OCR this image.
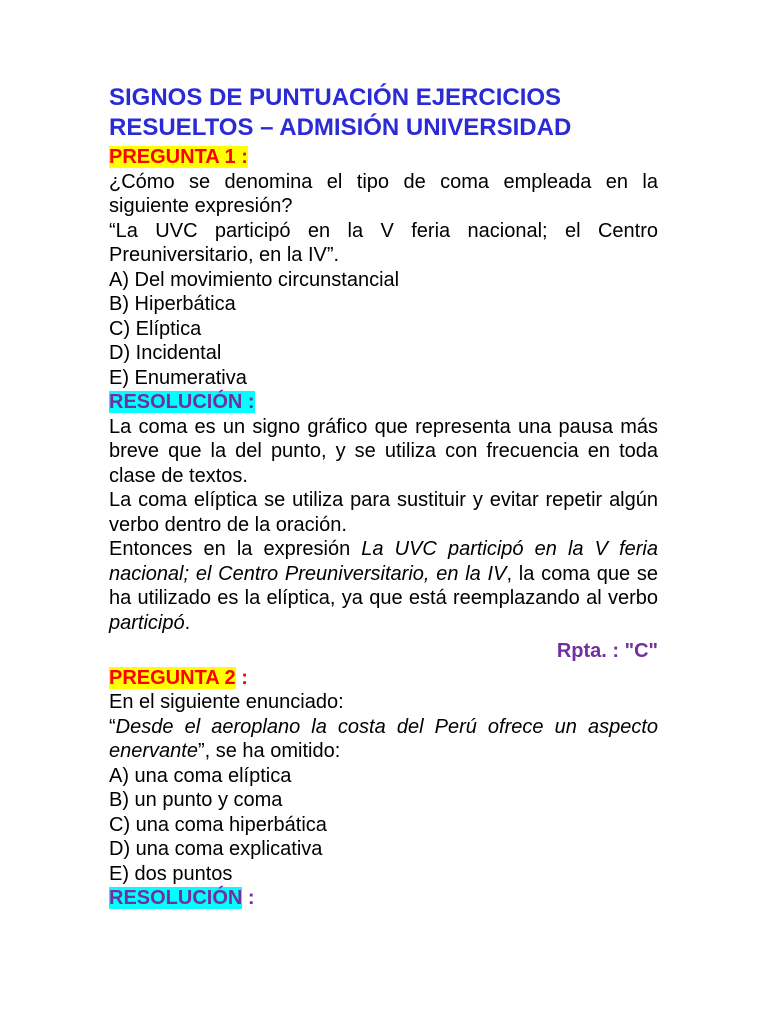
SIGNOS DE PUNTUACIÓN EJERCICIOS
RESUELTOS – ADMISIÓN UNIVERSIDAD

PREGUNTA 1 :

¿Cómo se denomina el tipo de coma empleada en la siguiente expresión?

“La UVC participó en la V feria nacional; el Centro Preuniversitario, en la IV”.

A) Del movimiento circunstancial

B) Hiperbática

C) Elíptica

D) Incidental

E) Enumerativa

RESOLUCIÓN :

La coma es un signo gráfico que representa una pausa más breve que la del punto, y se utiliza con frecuencia en toda clase de textos.

La coma elíptica se utiliza para sustituir y evitar repetir algún verbo dentro de la oración.

Entonces en la expresión La UVC participó en la V feria nacional; el Centro Preuniversitario, en la IV, la coma que se ha utilizado es la elíptica, ya que está reemplazando al verbo participó.

Rpta. : "C"

PREGUNTA 2 :

En el siguiente enunciado:

“Desde el aeroplano la costa del Perú ofrece un aspecto enervante”, se ha omitido:

A) una coma elíptica

B) un punto y coma

C) una coma hiperbática

D) una coma explicativa

E) dos puntos

RESOLUCIÓN :
